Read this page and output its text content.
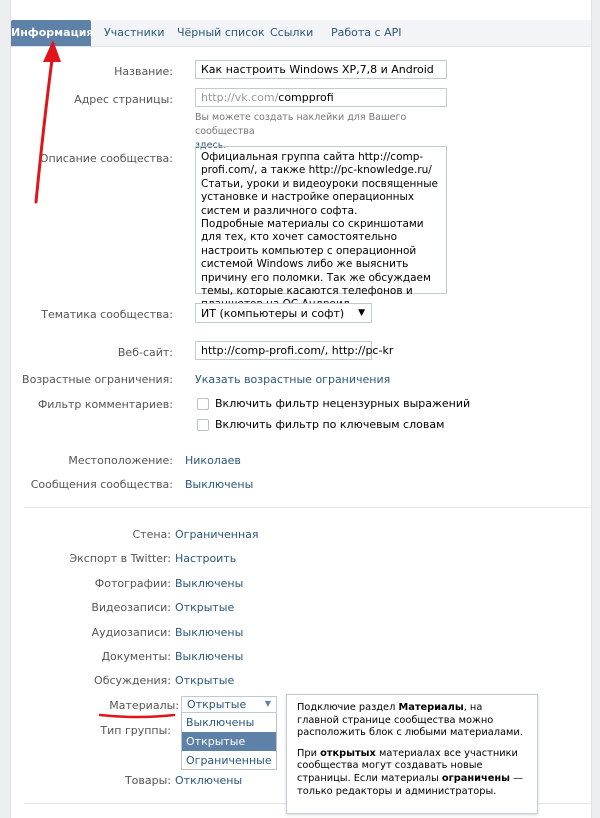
Информация Участники Чёрный список Ссылки Работа с API
Название:	Как настроить Windows XP,7,8 и Android
Адрес страницы:	http://vk.com/compprofi
Вы можете создать наклейки для Вашего сообщества
здесь.
Описание сообщества:	Официальная группа сайта http://comp-profi.com/, а также http://pc-knowledge.ru/ Статьи, уроки и видеоуроки посвященные установке и настройке операционных систем и различного софта.
Подробные материалы со скриншотами для тех, кто хочет самостоятельно настроить компьютер с операционной системой Windows либо же выяснить причину его поломки. Так же обсуждаем темы, которые касаются телефонов и
Тематика сообщества:	ИТ (компьютеры и софт) ▼
Веб-сайт:	http://comp-profi.com/, http://pc-kr
Возрастные ограничения: Указать возрастные ограничения
Фильтр комментариев:	Включить фильтр нецензурных выражений
Включить фильтр по ключевым словам
Местоположение: Николаев
Сообщения сообщества: Выключены
Стена: Ограниченная
Экспорт в Twitter: Настроить
Фотографии: Выключены
Видеозаписи: Открытые
Аудиозаписи: Выключены
Документы: Выключены
Обсуждения: Открытые
Материалы: Открытые ▼
Выключены
Открытые
Ограниченные
Тип группы:
Товары: Отключены

Подключие раздел Материалы, на главной странице сообщества можно расположить блок с любыми материалами.

При открытых материалах все участники сообщества могут создавать новые страницы. Если материалы ограничены — только редакторы и администраторы.
